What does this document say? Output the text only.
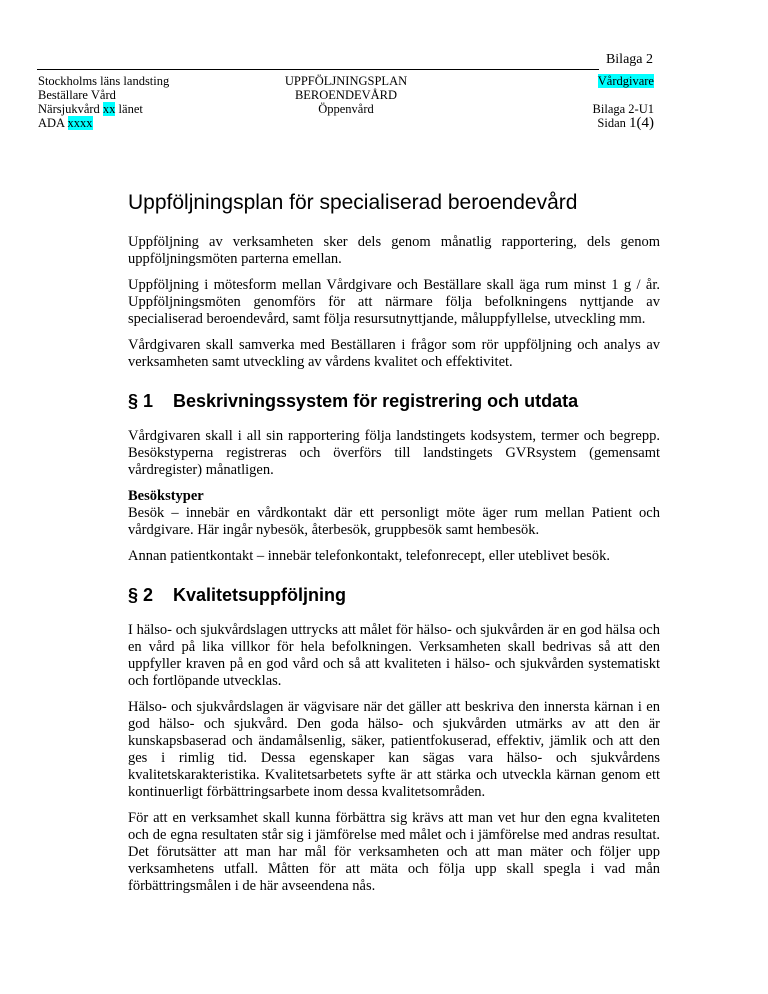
Bilaga 2
Stockholms läns landsting
Beställare Vård
Närsjukvård xx länet
ADA xxxx
UPPFÖLJNINGSPLAN
BEROENDEVÅRD
Öppenvård
Vårdgivare
Bilaga 2-U1
Sidan 1(4)
Uppföljningsplan för specialiserad beroendevård

Uppföljning av verksamheten sker dels genom månatlig rapportering, dels genom uppföljningsmöten parterna emellan.

Uppföljning i mötesform mellan Vårdgivare och Beställare skall äga rum minst 1 g / år. Uppföljningsmöten genomförs för att närmare följa befolkningens nyttjande av specialiserad beroendevård, samt följa resursutnyttjande, måluppfyllelse, utveckling mm.

Vårdgivaren skall samverka med Beställaren i frågor som rör uppföljning och analys av verksamheten samt utveckling av vårdens kvalitet och effektivitet.

§ 1	Beskrivningssystem för registrering och utdata

Vårdgivaren skall i all sin rapportering följa landstingets kodsystem, termer och begrepp. Besökstyperna registreras och överförs till landstingets GVRsystem (gemensamt vårdregister) månatligen.

Besökstyper

Besök – innebär en vårdkontakt där ett personligt möte äger rum mellan Patient och vårdgivare. Här ingår nybesök, återbesök, gruppbesök samt hembesök.

Annan patientkontakt – innebär telefonkontakt, telefonrecept, eller uteblivet besök.

§ 2	Kvalitetsuppföljning

I hälso- och sjukvårdslagen uttrycks att målet för hälso- och sjukvården är en god hälsa och en vård på lika villkor för hela befolkningen. Verksamheten skall bedrivas så att den uppfyller kraven på en god vård och så att kvaliteten i hälso- och sjukvården systematiskt och fortlöpande utvecklas.

Hälso- och sjukvårdslagen är vägvisare när det gäller att beskriva den innersta kärnan i en god hälso- och sjukvård. Den goda hälso- och sjukvården utmärks av att den är kunskapsbaserad och ändamålsenlig, säker, patientfokuserad, effektiv, jämlik och att den ges i rimlig tid. Dessa egenskaper kan sägas vara hälso- och sjukvårdens kvalitetskarakteristika. Kvalitetsarbetets syfte är att stärka och utveckla kärnan genom ett kontinuerligt förbättringsarbete inom dessa kvalitetsområden.

För att en verksamhet skall kunna förbättra sig krävs att man vet hur den egna kvaliteten och de egna resultaten står sig i jämförelse med målet och i jämförelse med andras resultat. Det förutsätter att man har mål för verksamheten och att man mäter och följer upp verksamhetens utfall. Måtten för att mäta och följa upp skall spegla i vad mån förbättringsmålen i de här avseendena nås.
